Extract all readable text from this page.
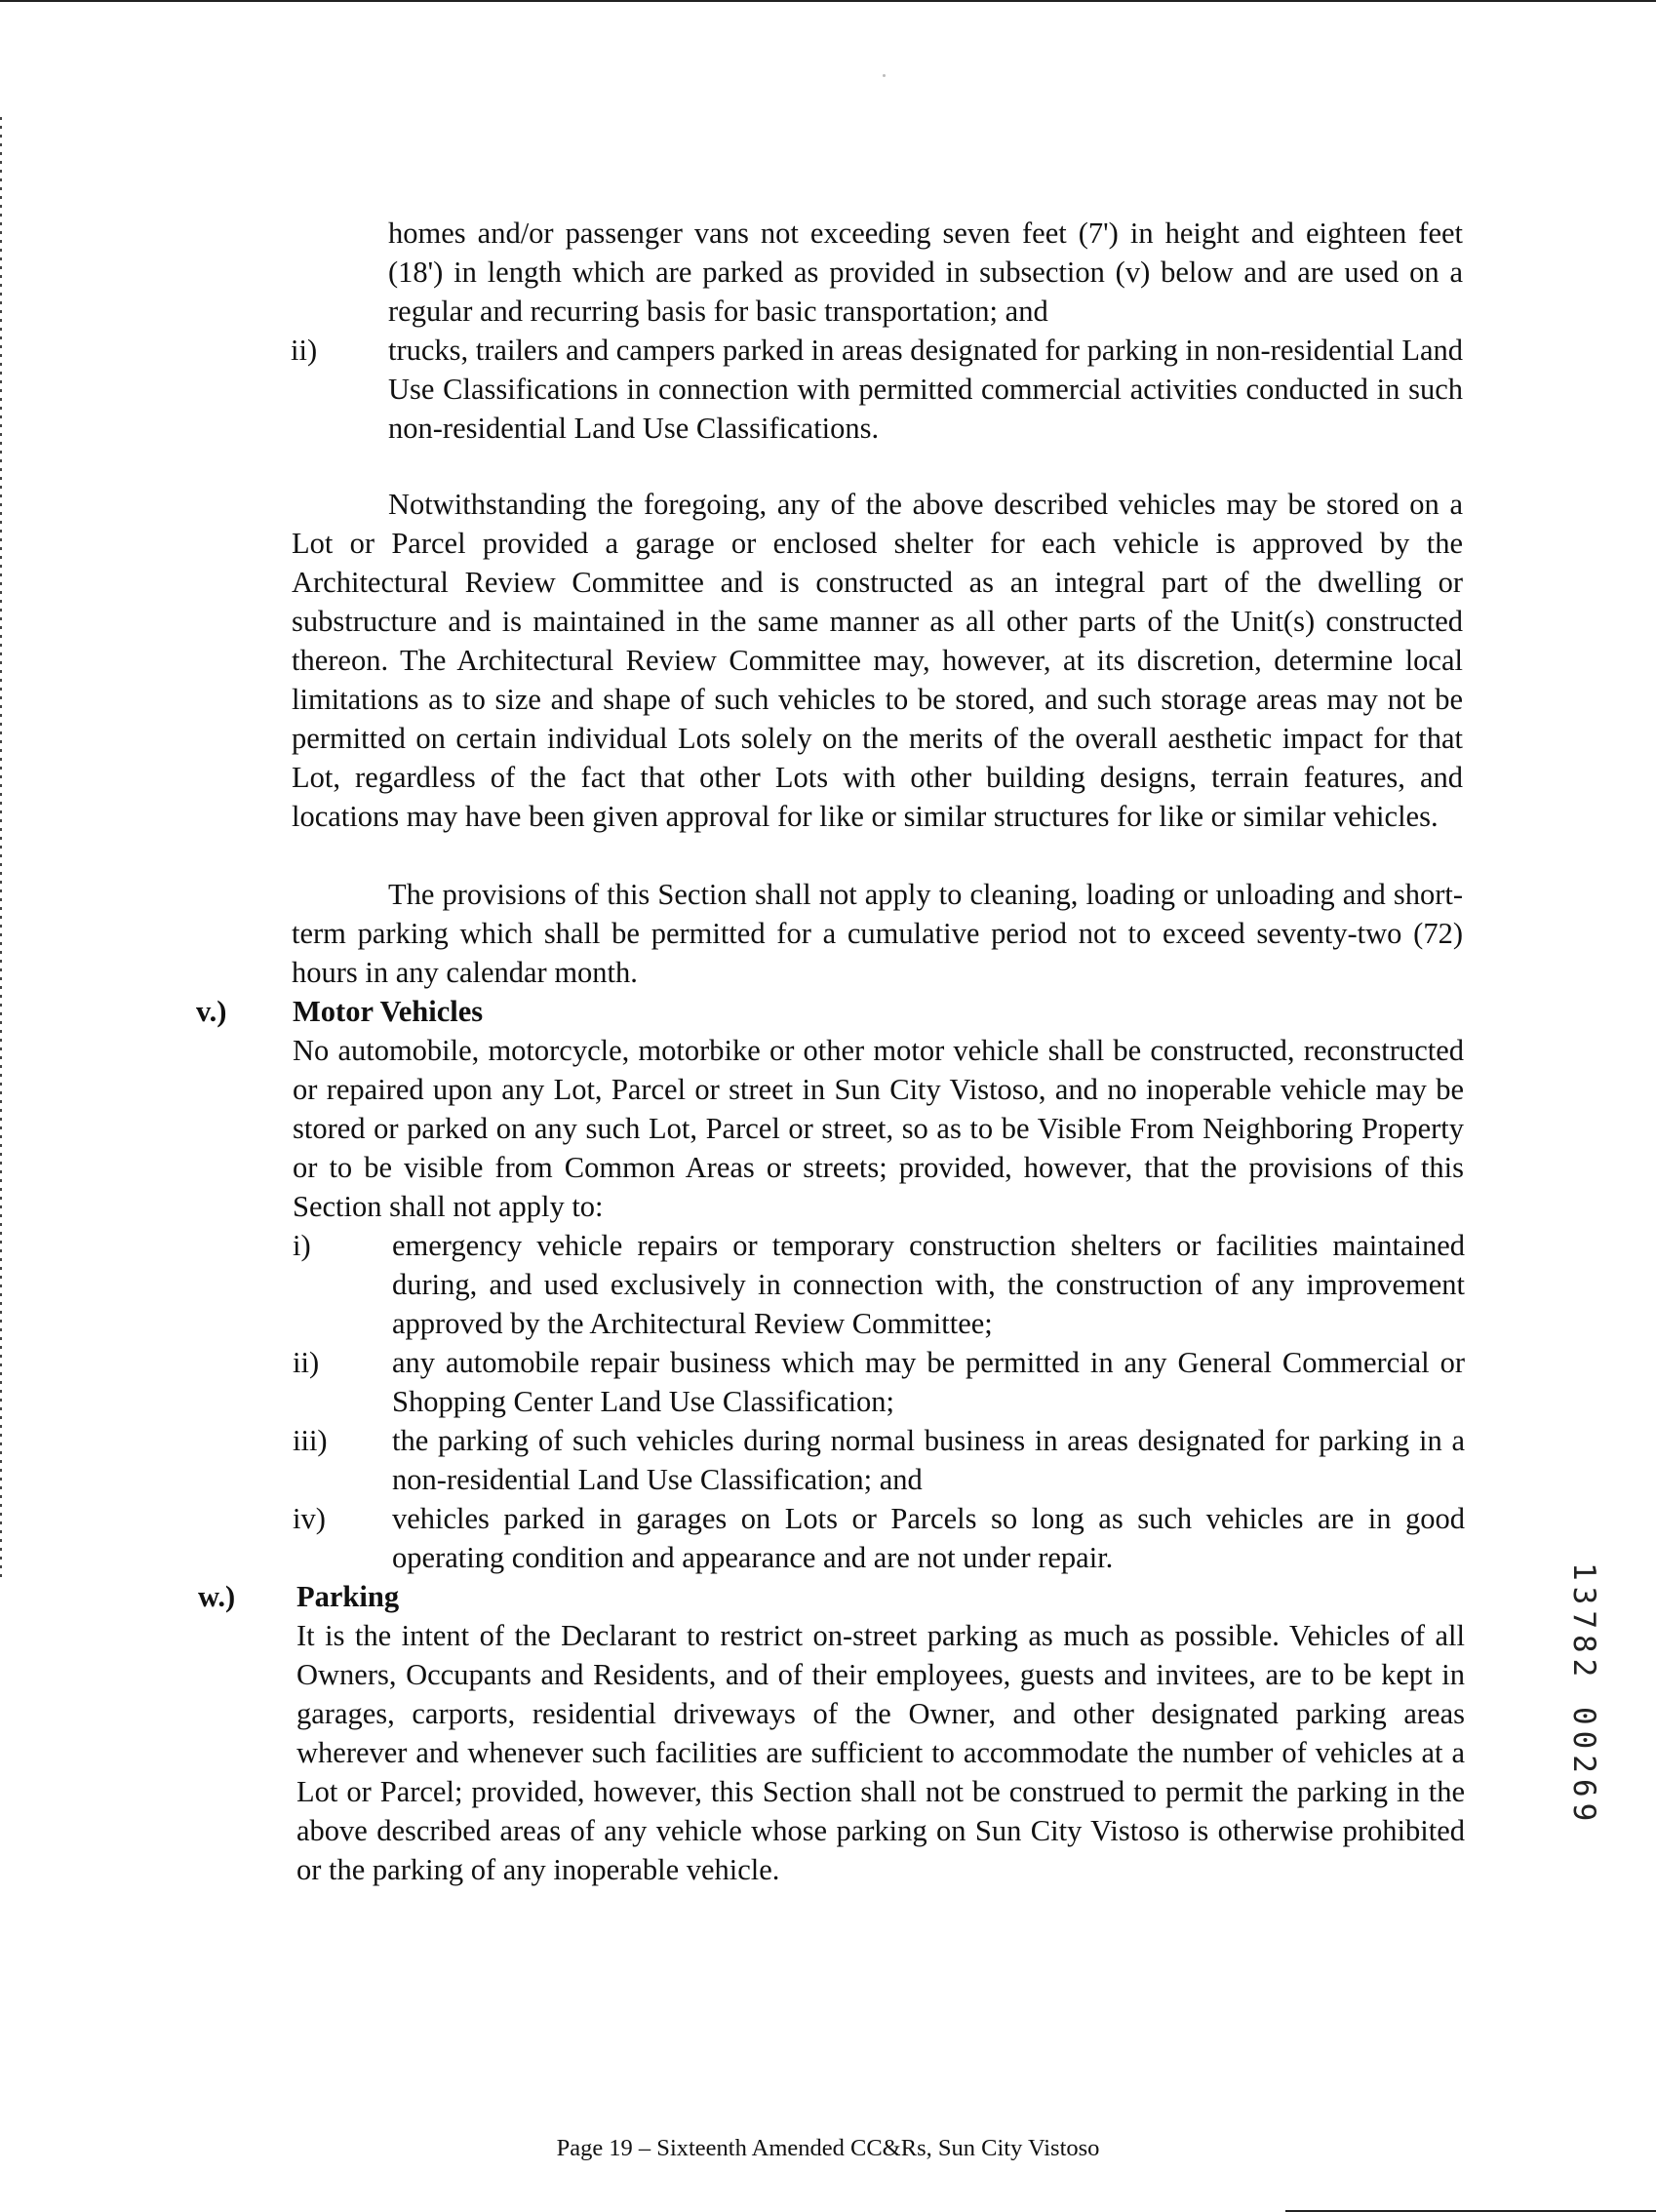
homes and/or passenger vans not exceeding seven feet (7') in height and eighteen feet (18') in length which are parked as provided in subsection (v) below and are used on a regular and recurring basis for basic transportation; and

ii) trucks, trailers and campers parked in areas designated for parking in non-residential Land Use Classifications in connection with permitted commercial activities conducted in such non-residential Land Use Classifications.

Notwithstanding the foregoing, any of the above described vehicles may be stored on a Lot or Parcel provided a garage or enclosed shelter for each vehicle is approved by the Architectural Review Committee and is constructed as an integral part of the dwelling or substructure and is maintained in the same manner as all other parts of the Unit(s) constructed thereon. The Architectural Review Committee may, however, at its discretion, determine local limitations as to size and shape of such vehicles to be stored, and such storage areas may not be permitted on certain individual Lots solely on the merits of the overall aesthetic impact for that Lot, regardless of the fact that other Lots with other building designs, terrain features, and locations may have been given approval for like or similar structures for like or similar vehicles.

The provisions of this Section shall not apply to cleaning, loading or unloading and short-term parking which shall be permitted for a cumulative period not to exceed seventy-two (72) hours in any calendar month.

v.) Motor Vehicles

No automobile, motorcycle, motorbike or other motor vehicle shall be constructed, reconstructed or repaired upon any Lot, Parcel or street in Sun City Vistoso, and no inoperable vehicle may be stored or parked on any such Lot, Parcel or street, so as to be Visible From Neighboring Property or to be visible from Common Areas or streets; provided, however, that the provisions of this Section shall not apply to:

i)	emergency vehicle repairs or temporary construction shelters or facilities maintained during, and used exclusively in connection with, the construction of any improvement approved by the Architectural Review Committee;

ii) any automobile repair business which may be permitted in any General Commercial or Shopping Center Land Use Classification;

iii) the parking of such vehicles during normal business in areas designated for parking in a non-residential Land Use Classification; and

iv) vehicles parked in garages on Lots or Parcels so long as such vehicles are in good operating condition and appearance and are not under repair.

w.) Parking

It is the intent of the Declarant to restrict on-street parking as much as possible. Vehicles of all Owners, Occupants and Residents, and of their employees, guests and invitees, are to be kept in garages, carports, residential driveways of the Owner, and other designated parking areas wherever and whenever such facilities are sufficient to accommodate the number of vehicles at a Lot or Parcel; provided, however, this Section shall not be construed to permit the parking in the above described areas of any vehicle whose parking on Sun City Vistoso is otherwise prohibited or the parking of any inoperable vehicle.

13782 00269
Page 19 – Sixteenth Amended CC&Rs, Sun City Vistoso
